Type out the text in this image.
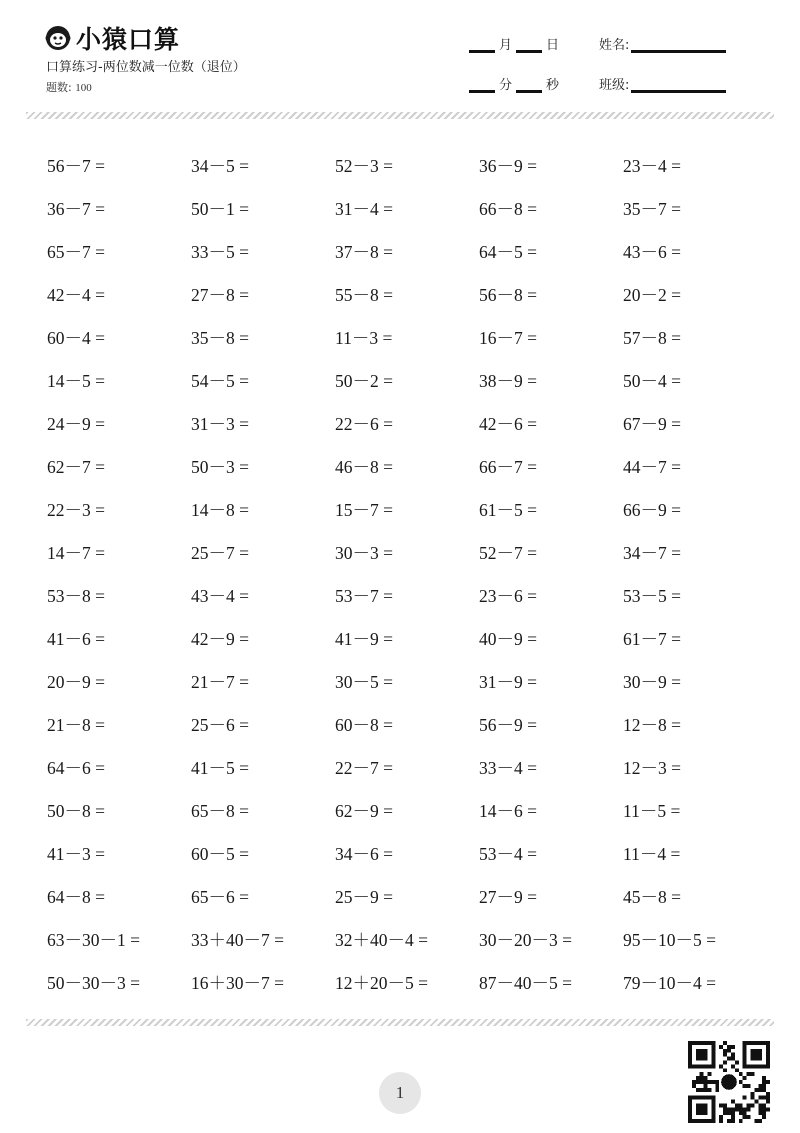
小猿口算
口算练习-两位数减一位数（退位）
题数: 100
月	日	姓名:
分	秒	班级:
56－7 =	34－5 =	52－3 =	36－9 =	23－4 =
36－7 =	50－1 =	31－4 =	66－8 =	35－7 =
65－7 =	33－5 =	37－8 =	64－5 =	43－6 =
42－4 =	27－8 =	55－8 =	56－8 =	20－2 =
60－4 =	35－8 =	11－3 =	16－7 =	57－8 =
14－5 =	54－5 =	50－2 =	38－9 =	50－4 =
24－9 =	31－3 =	22－6 =	42－6 =	67－9 =
62－7 =	50－3 =	46－8 =	66－7 =	44－7 =
22－3 =	14－8 =	15－7 =	61－5 =	66－9 =
14－7 =	25－7 =	30－3 =	52－7 =	34－7 =
53－8 =	43－4 =	53－7 =	23－6 =	53－5 =
41－6 =	42－9 =	41－9 =	40－9 =	61－7 =
20－9 =	21－7 =	30－5 =	31－9 =	30－9 =
21－8 =	25－6 =	60－8 =	56－9 =	12－8 =
64－6 =	41－5 =	22－7 =	33－4 =	12－3 =
50－8 =	65－8 =	62－9 =	14－6 =	11－5 =
41－3 =	60－5 =	34－6 =	53－4 =	11－4 =
64－8 =	65－6 =	25－9 =	27－9 =	45－8 =
63－30－1 =	33＋40－7 =	32＋40－4 =	30－20－3 =	95－10－5 =
50－30－3 =	16＋30－7 =	12＋20－5 =	87－40－5 =	79－10－4 =
1
